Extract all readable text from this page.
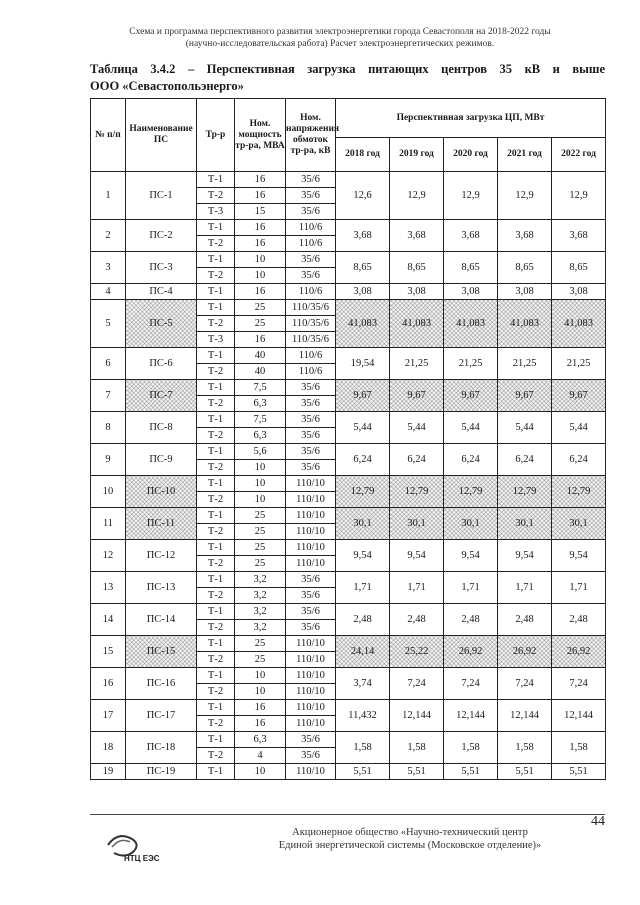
Схема и программа перспективного развития электроэнергетики города Севастополя на 2018-2022 годы
(научно-исследовательская работа) Расчет электроэнергетических режимов.
Таблица 3.4.2 – Перспективная загрузка питающих центров 35 кВ и выше
ООО «Севастопольэнерго»
№ п/п	Наименование ПС	Тр-р	Ном. мощность тр-ра, МВА	Ном. напряжения обмоток тр-ра, кВ	Перспективная загрузка ЦП, МВт				
					2018 год	2019 год	2020 год	2021 год	2022 год
1	ПС-1	Т-1	16	35/6	12,6	12,9	12,9	12,9	12,9
		Т-2	16	35/6					
		Т-3	15	35/6					
2	ПС-2	Т-1	16	110/6	3,68	3,68	3,68	3,68	3,68
		Т-2	16	110/6					
3	ПС-3	Т-1	10	35/6	8,65	8,65	8,65	8,65	8,65
		Т-2	10	35/6					
4	ПС-4	Т-1	16	110/6	3,08	3,08	3,08	3,08	3,08
5	ПС-5	Т-1	25	110/35/6	41,083	41,083	41,083	41,083	41,083
		Т-2	25	110/35/6					
		Т-3	16	110/35/6					
6	ПС-6	Т-1	40	110/6	19,54	21,25	21,25	21,25	21,25
		Т-2	40	110/6					
7	ПС-7	Т-1	7,5	35/6	9,67	9,67	9,67	9,67	9,67
		Т-2	6,3	35/6					
8	ПС-8	Т-1	7,5	35/6	5,44	5,44	5,44	5,44	5,44
		Т-2	6,3	35/6					
9	ПС-9	Т-1	5,6	35/6	6,24	6,24	6,24	6,24	6,24
		Т-2	10	35/6					
10	ПС-10	Т-1	10	110/10	12,79	12,79	12,79	12,79	12,79
		Т-2	10	110/10					
11	ПС-11	Т-1	25	110/10	30,1	30,1	30,1	30,1	30,1
		Т-2	25	110/10					
12	ПС-12	Т-1	25	110/10	9,54	9,54	9,54	9,54	9,54
		Т-2	25	110/10					
13	ПС-13	Т-1	3,2	35/6	1,71	1,71	1,71	1,71	1,71
		Т-2	3,2	35/6					
14	ПС-14	Т-1	3,2	35/6	2,48	2,48	2,48	2,48	2,48
		Т-2	3,2	35/6					
15	ПС-15	Т-1	25	110/10	24,14	25,22	26,92	26,92	26,92
		Т-2	25	110/10					
16	ПС-16	Т-1	10	110/10	3,74	7,24	7,24	7,24	7,24
		Т-2	10	110/10					
17	ПС-17	Т-1	16	110/10	11,432	12,144	12,144	12,144	12,144
		Т-2	16	110/10					
18	ПС-18	Т-1	6,3	35/6	1,58	1,58	1,58	1,58	1,58
		Т-2	4	35/6					
19	ПС-19	Т-1	10	110/10	5,51	5,51	5,51	5,51	5,51
44
НТЦ ЕЭС
Акционерное общество «Научно-технический центр
Единой энергетической системы (Московское отделение)»
